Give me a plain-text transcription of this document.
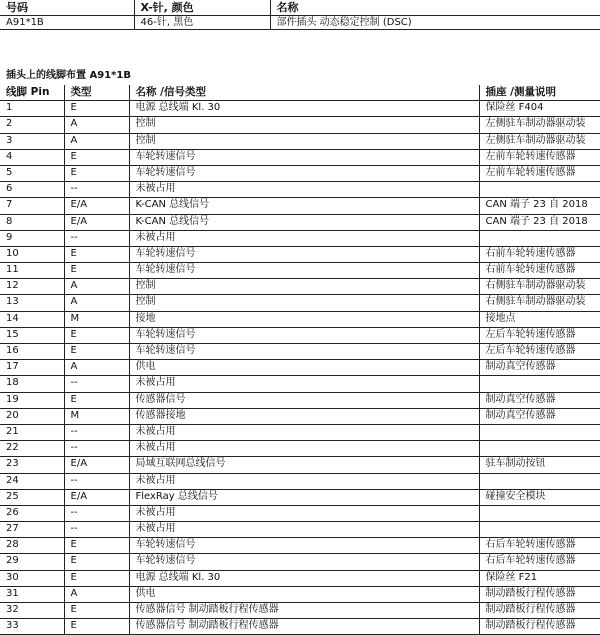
号码	X-针, 颜色	名称
A91*1B	46-针, 黑色	部件插头 动态稳定控制 (DSC)

插头上的线脚布置 A91*1B

线脚 Pin	类型	名称 /信号类型	插座 /测量说明
1	E	电源 总线端 Kl. 30	保险丝 F404
2	A	控制	左侧驻车制动器驱动装
3	A	控制	左侧驻车制动器驱动装
4	E	车轮转速信号	左前车轮转速传感器
5	E	车轮转速信号	左前车轮转速传感器
6	--	未被占用	
7	E/A	K-CAN 总线信号	CAN 端子 23 自 2018
8	E/A	K-CAN 总线信号	CAN 端子 23 自 2018
9	--	未被占用	
10	E	车轮转速信号	右前车轮转速传感器
11	E	车轮转速信号	右前车轮转速传感器
12	A	控制	右侧驻车制动器驱动装
13	A	控制	右侧驻车制动器驱动装
14	M	接地	接地点
15	E	车轮转速信号	左后车轮转速传感器
16	E	车轮转速信号	左后车轮转速传感器
17	A	供电	制动真空传感器
18	--	未被占用	
19	E	传感器信号	制动真空传感器
20	M	传感器接地	制动真空传感器
21	--	未被占用	
22	--	未被占用	
23	E/A	局域互联网总线信号	驻车制动按钮
24	--	未被占用	
25	E/A	FlexRay 总线信号	碰撞安全模块
26	--	未被占用	
27	--	未被占用	
28	E	车轮转速信号	右后车轮转速传感器
29	E	车轮转速信号	右后车轮转速传感器
30	E	电源 总线端 Kl. 30	保险丝 F21
31	A	供电	制动踏板行程传感器
32	E	传感器信号 制动踏板行程传感器	制动踏板行程传感器
33	E	传感器信号 制动踏板行程传感器	制动踏板行程传感器
